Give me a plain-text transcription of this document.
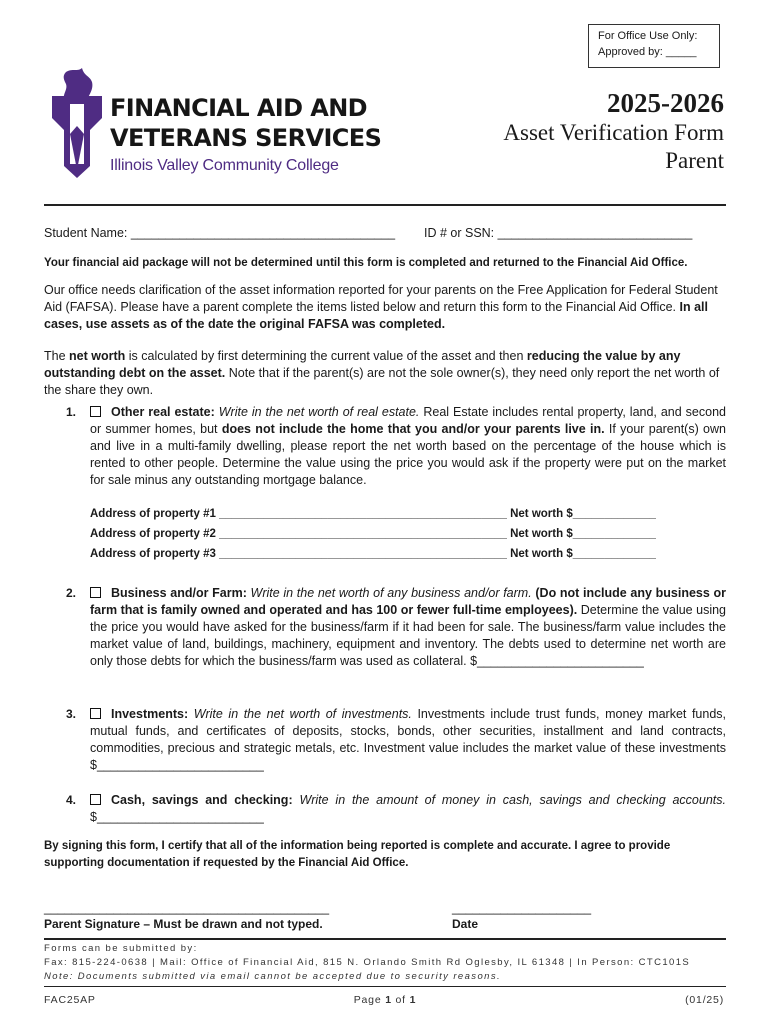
For Office Use Only:
Approved by: _____
FINANCIAL AID AND
VETERANS SERVICES
Illinois Valley Community College
2025-2026
Asset Verification Form
Parent
Student Name: ______________________________________ ID # or SSN: ____________________________
Your financial aid package will not be determined until this form is completed and returned to the Financial Aid Office.
Our office needs clarification of the asset information reported for your parents on the Free Application for Federal Student Aid (FAFSA). Please have a parent complete the items listed below and return this form to the Financial Aid Office. In all cases, use assets as of the date the original FAFSA was completed.
The net worth is calculated by first determining the current value of the asset and then reducing the value by any outstanding debt on the asset. Note that if the parent(s) are not the sole owner(s), they need only report the net worth of the share they own.
1.	Other real estate: Write in the net worth of real estate. Real Estate includes rental property, land, and second or summer homes, but does not include the home that you and/or your parents live in. If your parent(s) own and live in a multi-family dwelling, please report the net worth based on the percentage of the house which is rented to other people. Determine the value using the price you would ask if the property were put on the market for sale minus any outstanding mortgage balance.
Address of property #1 _____________________________________________ Net worth $_____________
Address of property #2 _____________________________________________ Net worth $_____________
Address of property #3 _____________________________________________ Net worth $_____________
2.	Business and/or Farm: Write in the net worth of any business and/or farm. (Do not include any business or farm that is family owned and operated and has 100 or fewer full-time employees). Determine the value using the price you would have asked for the business/farm if it had been for sale. The business/farm value includes the market value of land, buildings, machinery, equipment and inventory. The debts used to determine net worth are only those debts for which the business/farm was used as collateral. $________________________
3.	Investments: Write in the net worth of investments. Investments include trust funds, money market funds, mutual funds, and certificates of deposits, stocks, bonds, other securities, installment and land contracts, commodities, precious and strategic metals, etc. Investment value includes the market value of these investments $________________________
4.	Cash, savings and checking: Write in the amount of money in cash, savings and checking accounts. $________________________
By signing this form, I certify that all of the information being reported is complete and accurate. I agree to provide supporting documentation if requested by the Financial Aid Office.
_________________________________________
Parent Signature – Must be drawn and not typed.
____________________
Date
Forms can be submitted by:
Fax: 815-224-0638 | Mail: Office of Financial Aid, 815 N. Orlando Smith Rd Oglesby, IL 61348 | In Person: CTC101S
Note: Documents submitted via email cannot be accepted due to security reasons.
FAC25AP	Page 1 of 1	(01/25)
